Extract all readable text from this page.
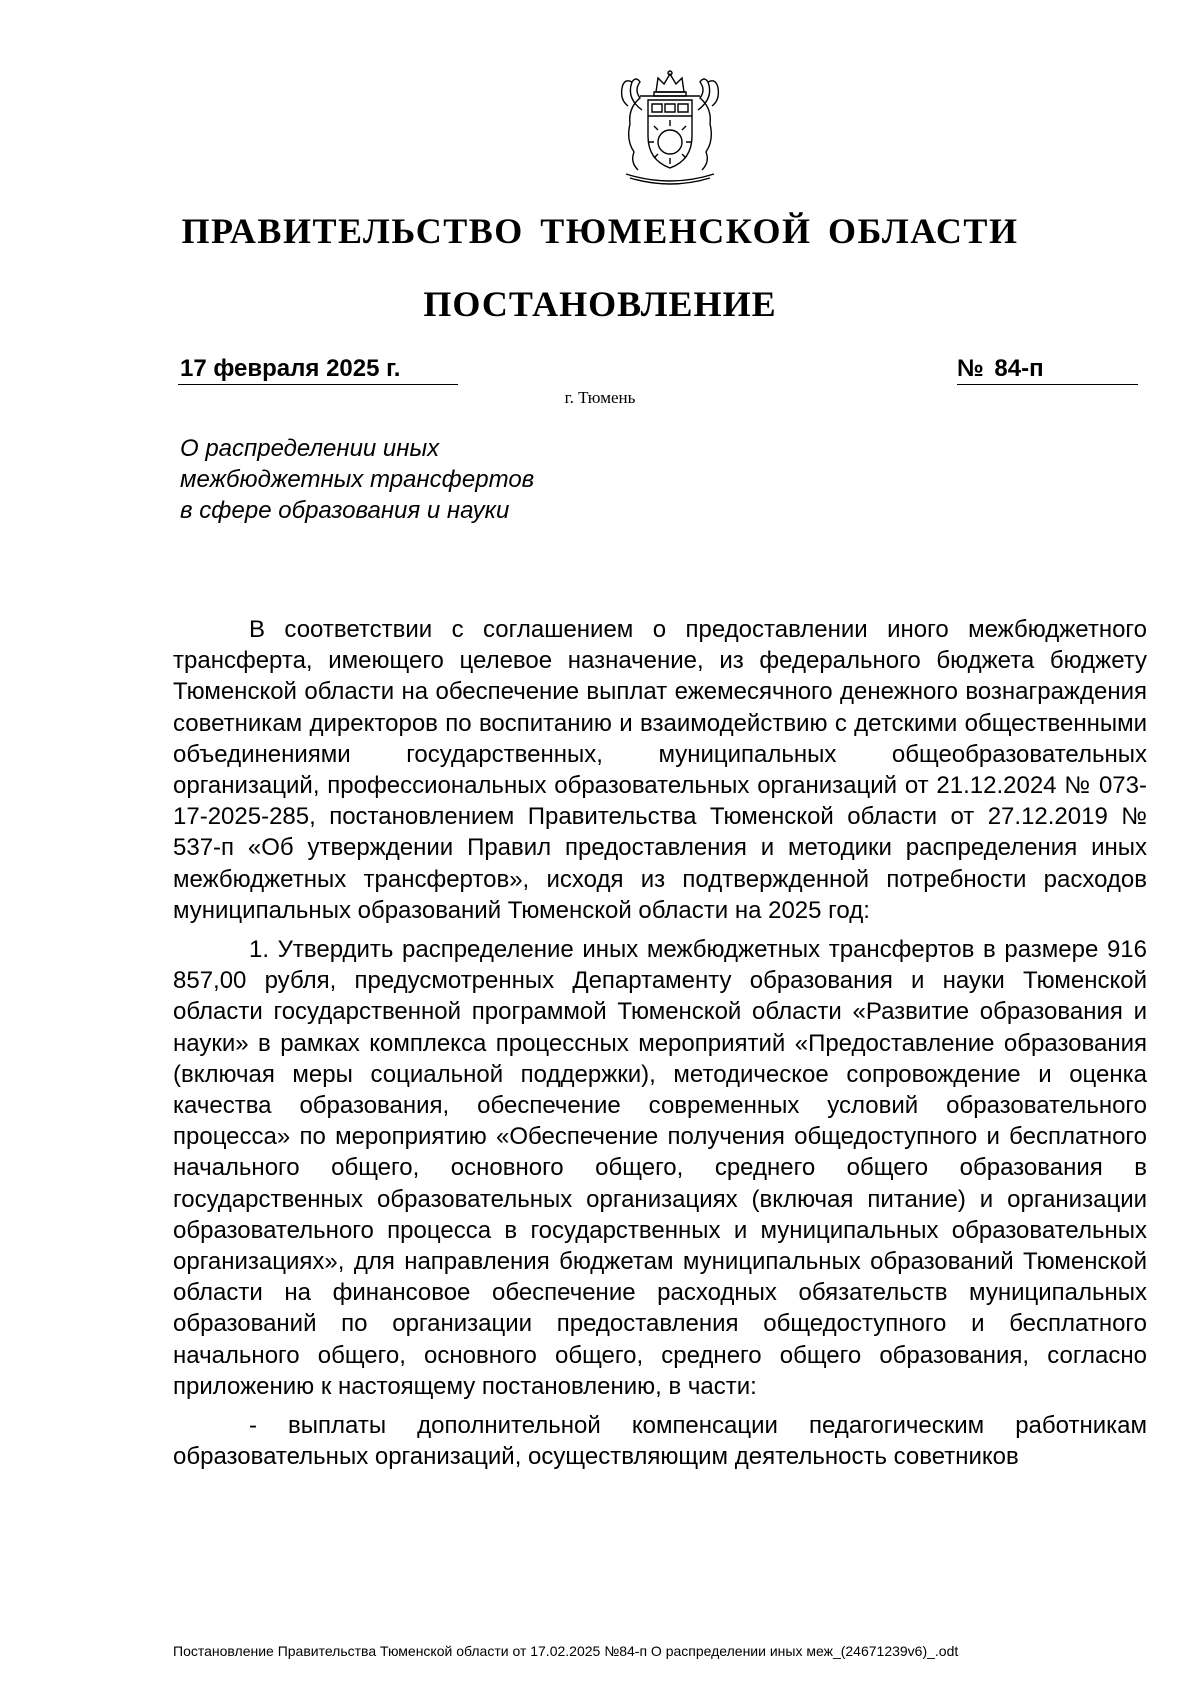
ПРАВИТЕЛЬСТВО ТЮМЕНСКОЙ ОБЛАСТИ
ПОСТАНОВЛЕНИЕ
17 февраля 2025 г.	№ 84-п
г. Тюмень
О распределении иных
межбюджетных трансфертов
в сфере образования и науки

В соответствии с соглашением о предоставлении иного межбюджетного трансферта, имеющего целевое назначение, из федерального бюджета бюджету Тюменской области на обеспечение выплат ежемесячного денежного вознаграждения советникам директоров по воспитанию и взаимодействию с детскими общественными объединениями государственных, муниципальных общеобразовательных организаций, профессиональных образовательных организаций от 21.12.2024 № 073-17-2025-285, постановлением Правительства Тюменской области от 27.12.2019 № 537-п «Об утверждении Правил предоставления и методики распределения иных межбюджетных трансфертов», исходя из подтвержденной потребности расходов муниципальных образований Тюменской области на 2025 год:

1. Утвердить распределение иных межбюджетных трансфертов в размере 916 857,00 рубля, предусмотренных Департаменту образования и науки Тюменской области государственной программой Тюменской области «Развитие образования и науки» в рамках комплекса процессных мероприятий «Предоставление образования (включая меры социальной поддержки), методическое сопровождение и оценка качества образования, обеспечение современных условий образовательного процесса» по мероприятию «Обеспечение получения общедоступного и бесплатного начального общего, основного общего, среднего общего образования в государственных образовательных организациях (включая питание) и организации образовательного процесса в государственных и муниципальных образовательных организациях», для направления бюджетам муниципальных образований Тюменской области на финансовое обеспечение расходных обязательств муниципальных образований по организации предоставления общедоступного и бесплатного начального общего, основного общего, среднего общего образования, согласно приложению к настоящему постановлению, в части:

- выплаты дополнительной компенсации педагогическим работникам образовательных организаций, осуществляющим деятельность советников

Постановление Правительства Тюменской области от 17.02.2025 №84-п О распределении иных меж_(24671239v6)_.odt
